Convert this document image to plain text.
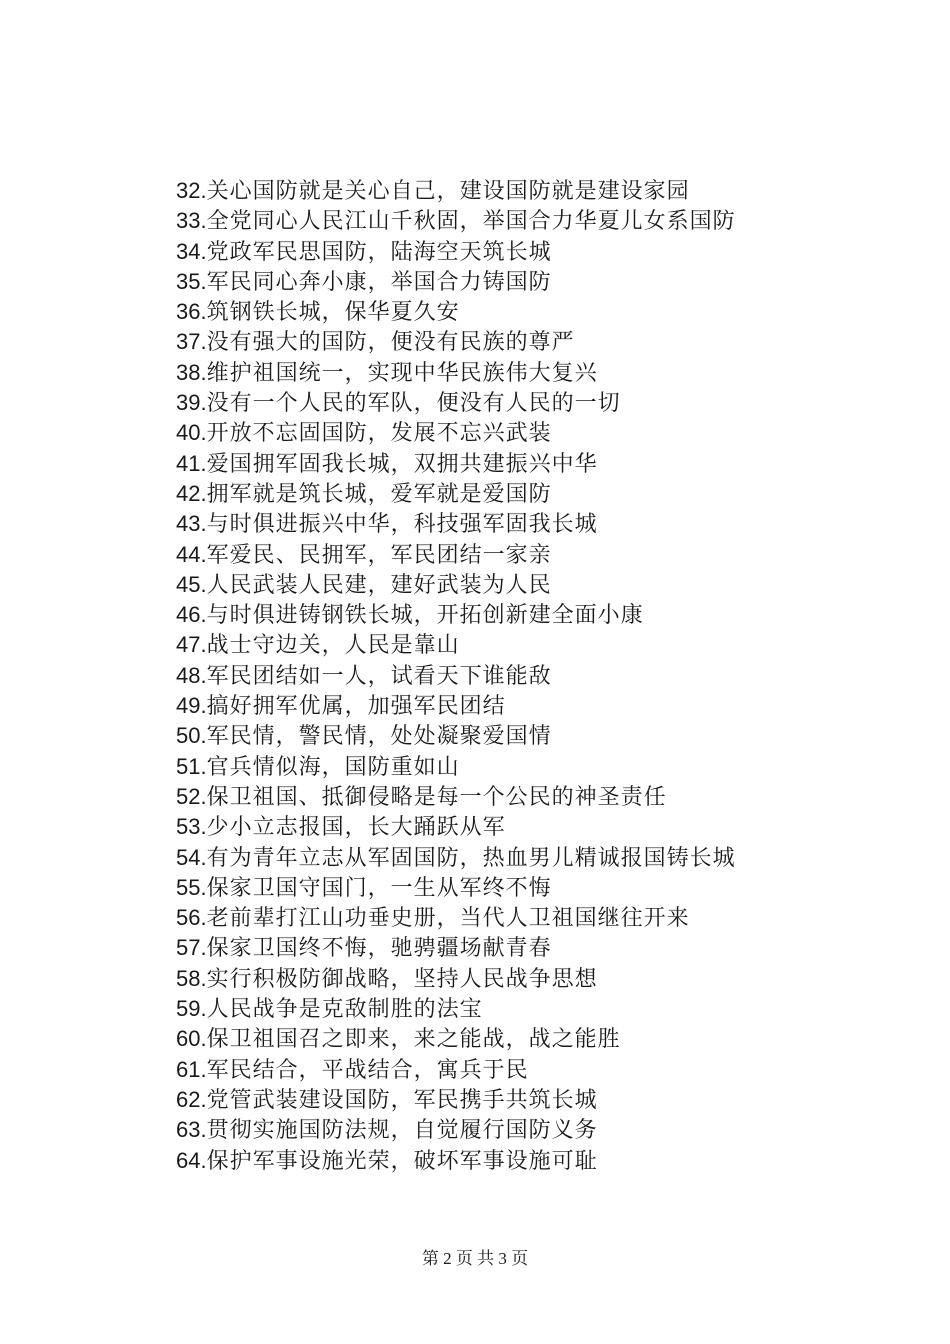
32.关心国防就是关心自己，建设国防就是建设家园
33.全党同心人民江山千秋固，举国合力华夏儿女系国防
34.党政军民思国防，陆海空天筑长城
35.军民同心奔小康，举国合力铸国防
36.筑钢铁长城，保华夏久安
37.没有强大的国防，便没有民族的尊严
38.维护祖国统一，实现中华民族伟大复兴
39.没有一个人民的军队，便没有人民的一切
40.开放不忘固国防，发展不忘兴武装
41.爱国拥军固我长城，双拥共建振兴中华
42.拥军就是筑长城，爱军就是爱国防
43.与时俱进振兴中华，科技强军固我长城
44.军爱民、民拥军，军民团结一家亲
45.人民武装人民建，建好武装为人民
46.与时俱进铸钢铁长城，开拓创新建全面小康
47.战士守边关，人民是靠山
48.军民团结如一人，试看天下谁能敌
49.搞好拥军优属，加强军民团结
50.军民情，警民情，处处凝聚爱国情
51.官兵情似海，国防重如山
52.保卫祖国、抵御侵略是每一个公民的神圣责任
53.少小立志报国，长大踊跃从军
54.有为青年立志从军固国防，热血男儿精诚报国铸长城
55.保家卫国守国门，一生从军终不悔
56.老前辈打江山功垂史册，当代人卫祖国继往开来
57.保家卫国终不悔，驰骋疆场献青春
58.实行积极防御战略，坚持人民战争思想
59.人民战争是克敌制胜的法宝
60.保卫祖国召之即来，来之能战，战之能胜
61.军民结合，平战结合，寓兵于民
62.党管武装建设国防，军民携手共筑长城
63.贯彻实施国防法规，自觉履行国防义务
64.保护军事设施光荣，破坏军事设施可耻
第 2 页 共 3 页
